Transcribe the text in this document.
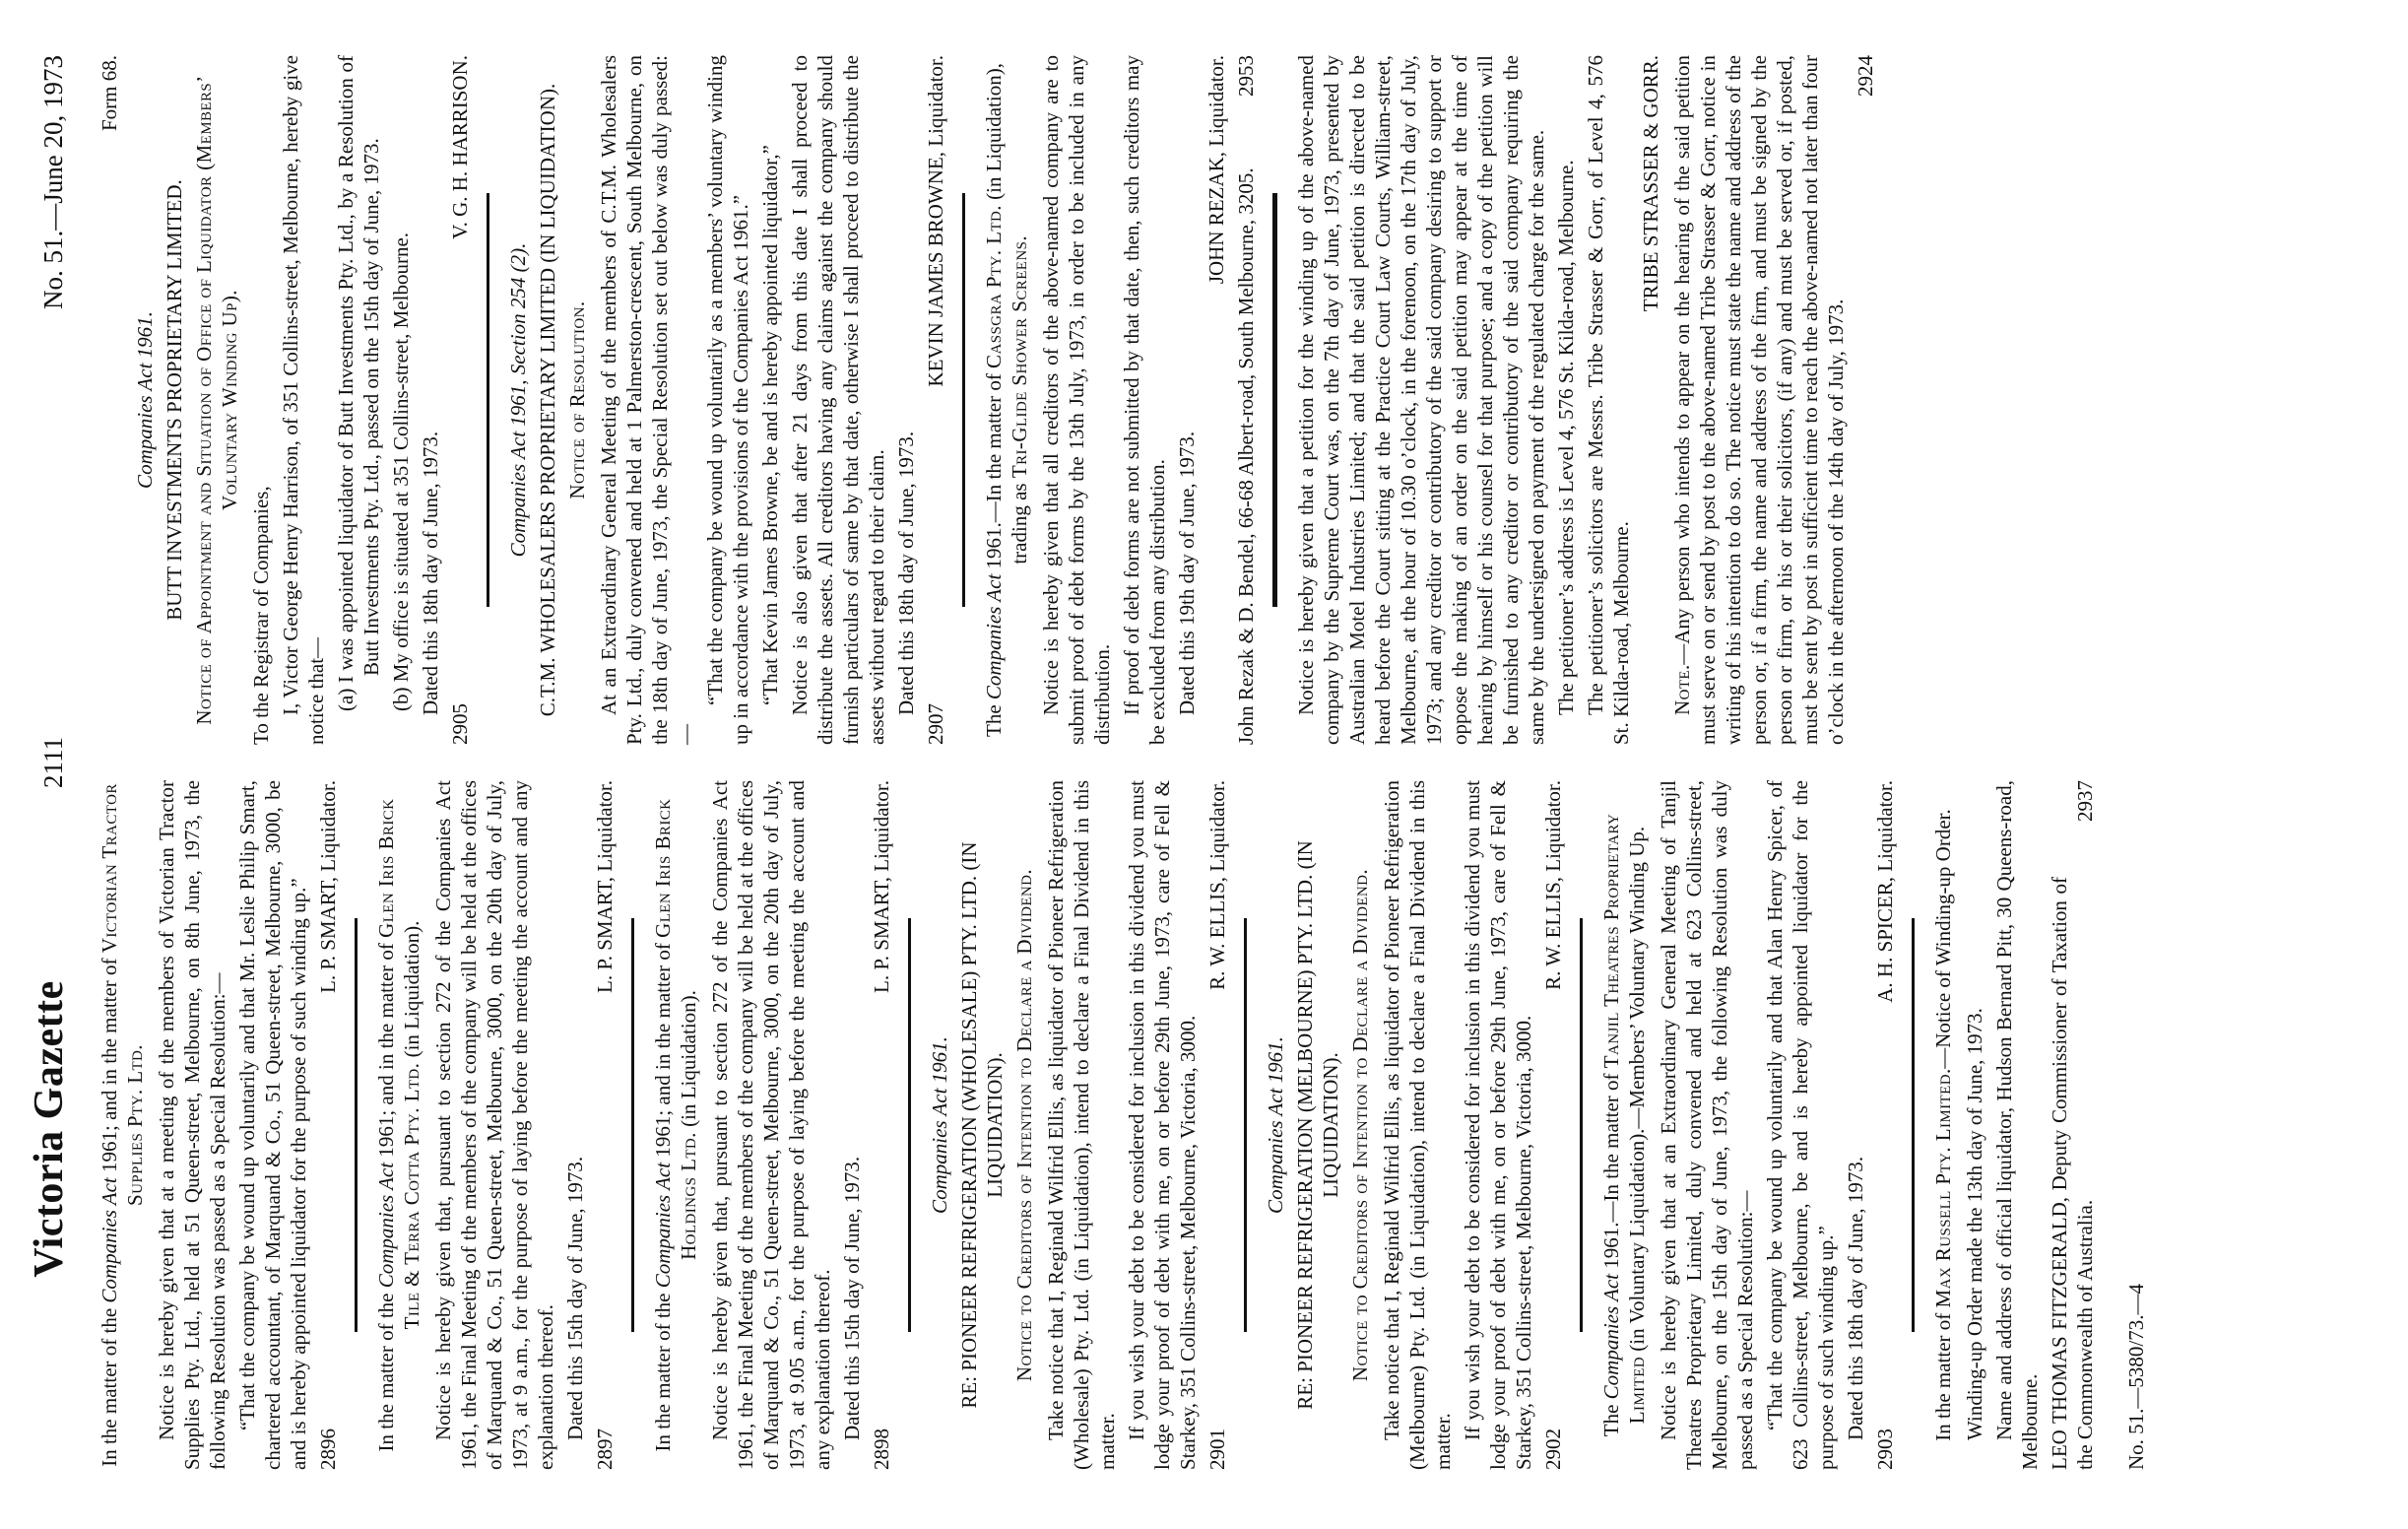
Victoria Gazette
2111
No. 51.—June 20, 1973

In the matter of the Companies Act 1961; and in the matter of Victorian Tractor Supplies Pty. Ltd. Notice is hereby given that at a meeting of the members of Victorian Tractor Supplies Pty. Ltd., held at 51 Queen-street, Melbourne, on 8th June, 1973, the following Resolution was passed as a Special Resolution:— “That the company be wound up voluntarily and that Mr. Leslie Philip Smart, chartered accountant, of Marquand & Co., 51 Queen-street, Melbourne, 3000, be and is hereby appointed liquidator for the purpose of such winding up.” 2896
L. P. SMART, Liquidator.

In the matter of the Companies Act 1961; and in the matter of Glen Iris Brick Tile & Terra Cotta Pty. Ltd. (in Liquidation). Notice is hereby given that, pursuant to section 272 of the Companies Act 1961, the Final Meeting of the members of the company will be held at the offices of Marquand & Co., 51 Queen-street, Melbourne, 3000, on the 20th day of July, 1973, at 9 a.m., for the purpose of laying before the meeting the account and any explanation thereof. Dated this 15th day of June, 1973.

2897
L. P. SMART, Liquidator.

In the matter of the Companies Act 1961; and in the matter of Glen Iris Brick Holdings Ltd. (in Liquidation). Notice is hereby given that, pursuant to section 272 of the Companies Act 1961, the Final Meeting of the members of the company will be held at the offices of Marquand & Co., 51 Queen-street, Melbourne, 3000, on the 20th day of July, 1973, at 9.05 a.m., for the purpose of laying before the meeting the account and any explanation thereof. Dated this 15th day of June, 1973.

2898
L. P. SMART, Liquidator.

Companies Act 1961. RE: PIONEER REFRIGERATION (WHOLESALE) PTY. LTD. (IN LIQUIDATION). Notice to Creditors of Intention to Declare a Dividend. Take notice that I, Reginald Wilfrid Ellis, as liquidator of Pioneer Refrigeration (Wholesale) Pty. Ltd. (in Liquidation), intend to declare a Final Dividend in this matter.

If you wish your debt to be considered for inclusion in this dividend you must lodge your proof of debt with me, on or before 29th June, 1973, care of Fell & Starkey, 351 Collins-street, Melbourne, Victoria, 3000. 2901
R. W. ELLIS, Liquidator.

Companies Act 1961. RE: PIONEER REFRIGERATION (MELBOURNE) PTY. LTD. (IN LIQUIDATION). Notice to Creditors of Intention to Declare a Dividend. Take notice that I, Reginald Wilfrid Ellis, as liquidator of Pioneer Refrigeration (Melbourne) Pty. Ltd. (in Liquidation), intend to declare a Final Dividend in this matter.

If you wish your debt to be considered for inclusion in this dividend you must lodge your proof of debt with me, on or before 29th June, 1973, care of Fell & Starkey, 351 Collins-street, Melbourne, Victoria, 3000. 2902
R. W. ELLIS, Liquidator.

The Companies Act 1961.—In the matter of Tanjil Theatres Proprietary Limited (in Voluntary Liquidation).—Members’ Voluntary Winding Up. Notice is hereby given that at an Extraordinary General Meeting of Tanjil Theatres Proprietary Limited, duly convened and held at 623 Collins-street, Melbourne, on the 15th day of June, 1973, the following Resolution was duly passed as a Special Resolution:— “That the company be wound up voluntarily and that Alan Henry Spicer, of 623 Collins-street, Melbourne, be and is hereby appointed liquidator for the purpose of such winding up.” Dated this 18th day of June, 1973.

2903
A. H. SPICER, Liquidator.

In the matter of Max Russell Pty. Limited.—Notice of Winding-up Order.

Winding-up Order made the 13th day of June, 1973. Name and address of official liquidator, Hudson Bernard Pitt, 30 Queens-road, Melbourne. LEO THOMAS FITZGERALD, Deputy Commissioner of Taxation of the Commonwealth of Australia.
2937

No. 51.—5380/73.—4

Form 68.

Companies Act 1961. BUTT INVESTMENTS PROPRIETARY LIMITED. Notice of Appointment and Situation of Office of Liquidator (Members’ Voluntary Winding Up).

To the Registrar of Companies, I, Victor George Henry Harrison, of 351 Collins-street, Melbourne, hereby give notice that— (a) I was appointed liquidator of Butt Investments Pty. Ltd., by a Resolution of Butt Investments Pty. Ltd., passed on the 15th day of June, 1973. (b) My office is situated at 351 Collins-street, Melbourne. Dated this 18th day of June, 1973.

2905
V. G. H. HARRISON.

Companies Act 1961, Section 254 (2). C.T.M. WHOLESALERS PROPRIETARY LIMITED (IN LIQUIDATION). Notice of Resolution. At an Extraordinary General Meeting of the members of C.T.M. Wholesalers Pty. Ltd., duly convened and held at 1 Palmerston-crescent, South Melbourne, on the 18th day of June, 1973, the Special Resolution set out below was duly passed:—

“That the company be wound up voluntarily as a members’ voluntary winding up in accordance with the provisions of the Companies Act 1961.” “That Kevin James Browne, be and is hereby appointed liquidator,” Notice is also given that after 21 days from this date I shall proceed to distribute the assets. All creditors having any claims against the company should furnish particulars of same by that date, otherwise I shall proceed to distribute the assets without regard to their claim. Dated this 18th day of June, 1973.

2907
KEVIN JAMES BROWNE, Liquidator.

The Companies Act 1961.—In the matter of Cassgra Pty. Ltd. (in Liquidation), trading as Tri-Glide Shower Screens. Notice is hereby given that all creditors of the above-named company are to submit proof of debt forms by the 13th July, 1973, in order to be included in any distribution. If proof of debt forms are not submitted by that date, then, such creditors may be excluded from any distribution. Dated this 19th day of June, 1973.

JOHN REZAK, Liquidator. John Rezak & D. Bendel, 66-68 Albert-road, South Melbourne, 3205.
2953 Notice is hereby given that a petition for the winding up of the above-named company by the Supreme Court was, on the 7th day of June, 1973, presented by Australian Motel Industries Limited; and that the said petition is directed to be heard before the Court sitting at the Practice Court Law Courts, William-street, Melbourne, at the hour of 10.30 o’clock, in the forenoon, on the 17th day of July, 1973; and any creditor or contributory of the said company desiring to support or oppose the making of an order on the said petition may appear at the time of hearing by himself or his counsel for that purpose; and a copy of the petition will be furnished to any creditor or contributory of the said company requiring the same by the undersigned on payment of the regulated charge for the same. The petitioner’s address is Level 4, 576 St. Kilda-road, Melbourne. The petitioner’s solicitors are Messrs. Tribe Strasser & Gorr, of Level 4, 576 St. Kilda-road, Melbourne.

TRIBE STRASSER & GORR.

Note.—Any person who intends to appear on the hearing of the said petition must serve on or send by post to the above-named Tribe Strasser & Gorr, notice in writing of his intention to do so. The notice must state the name and address of the person or, if a firm, the name and address of the firm, and must be signed by the person or firm, or his or their solicitors, (if any) and must be served or, if posted, must be sent by post in sufficient time to reach the above-named not later than four o’clock in the afternoon of the 14th day of July, 1973.

2924
